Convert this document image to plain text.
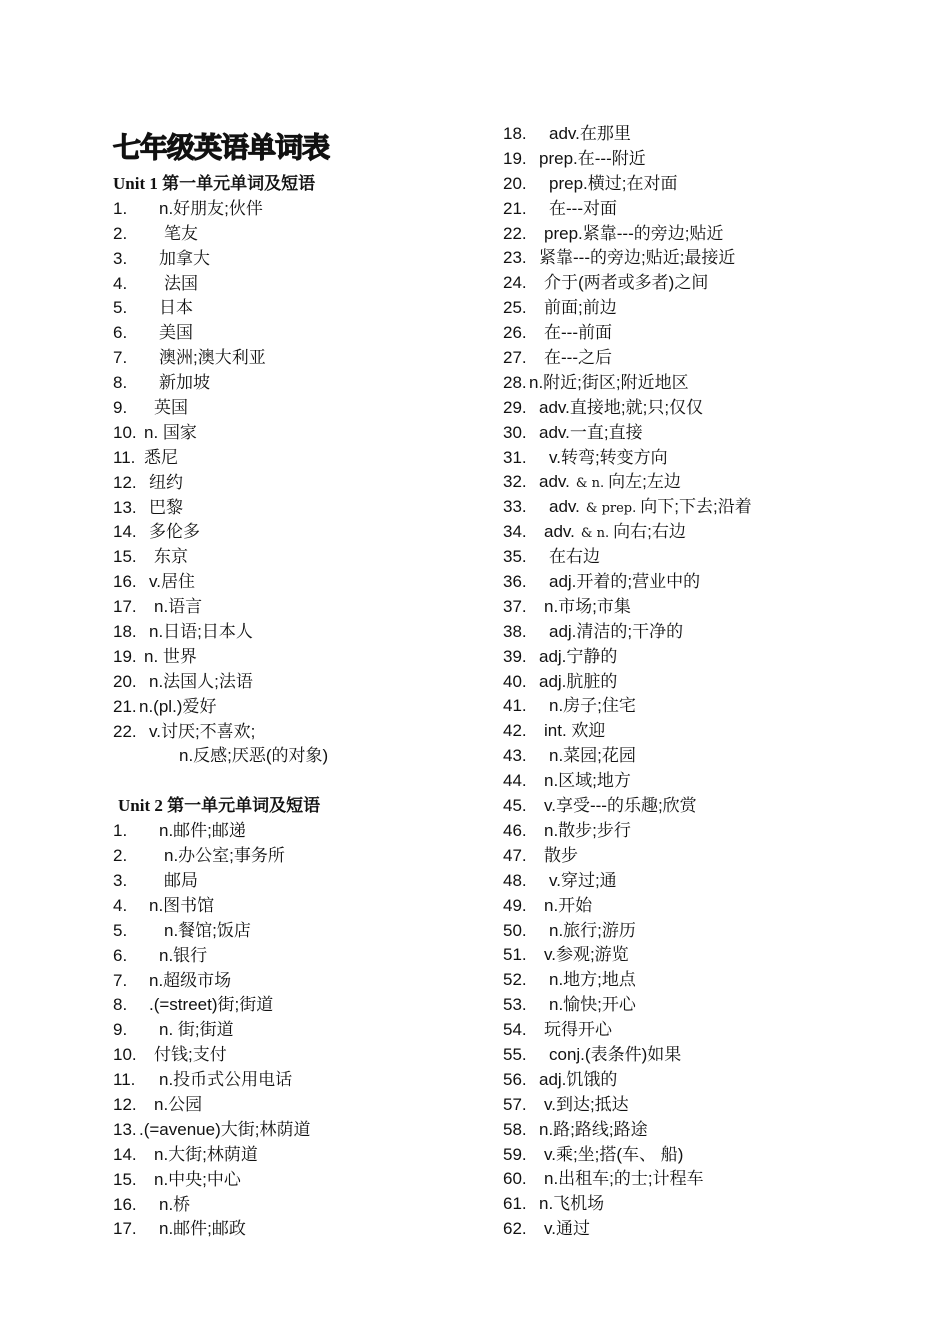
七年级英语单词表
Unit 1 第一单元单词及短语
1. n.好朋友;伙伴
2. 笔友
3. 加拿大
4. 法国
5. 日本
6. 美国
7. 澳洲;澳大利亚
8. 新加坡
9. 英国
10. n. 国家
11. 悉尼
12. 纽约
13. 巴黎
14. 多伦多
15. 东京
16. v.居住
17. n.语言
18. n.日语;日本人
19. n. 世界
20. n.法国人;法语
21. n.(pl.)爱好
22. v.讨厌;不喜欢;
n.反感;厌恶(的对象)
Unit 2 第一单元单词及短语
1. n.邮件;邮递
2. n.办公室;事务所
3. 邮局
4. n.图书馆
5. n.餐馆;饭店
6. n.银行
7. n.超级市场
8. .(=street)街;街道
9. n. 街;街道
10. 付钱;支付
11. n.投币式公用电话
12. n.公园
13. .(=avenue)大街;林荫道
14. n.大街;林荫道
15. n.中央;中心
16. n.桥
17. n.邮件;邮政
18. adv.在那里
19. prep.在---附近
20. prep.横过;在对面
21. 在---对面
22. prep.紧靠---的旁边;贴近
23. 紧靠---的旁边;贴近;最接近
24. 介于(两者或多者)之间
25. 前面;前边
26. 在---前面
27. 在---之后
28. n.附近;街区;附近地区
29. adv.直接地;就;只;仅仅
30. adv.一直;直接
31. v.转弯;转变方向
32. adv. & n. 向左;左边
33. adv. & prep. 向下;下去;沿着
34. adv. & n. 向右;右边
35. 在右边
36. adj.开着的;营业中的
37. n.市场;市集
38. adj.清洁的;干净的
39. adj.宁静的
40. adj.肮脏的
41. n.房子;住宅
42. int. 欢迎
43. n.菜园;花园
44. n.区域;地方
45. v.享受---的乐趣;欣赏
46. n.散步;步行
47. 散步
48. v.穿过;通
49. n.开始
50. n.旅行;游历
51. v.参观;游览
52. n.地方;地点
53. n.愉快;开心
54. 玩得开心
55. conj.(表条件)如果
56. adj.饥饿的
57. v.到达;抵达
58. n.路;路线;路途
59. v.乘;坐;搭(车、 船)
60. n.出租车;的士;计程车
61. n.飞机场
62. v.通过
